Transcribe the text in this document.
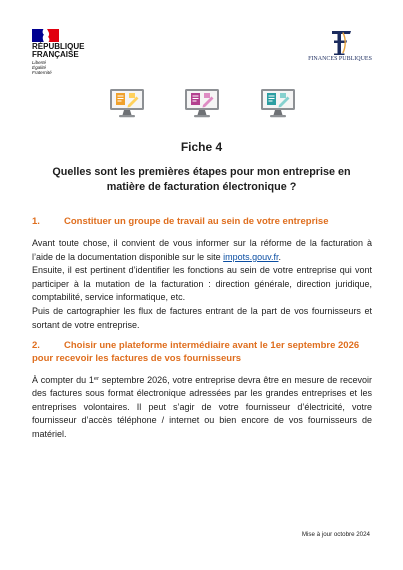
RÉPUBLIQUE
FRANÇAISE
Liberté
Égalité
Fraternité
FINANCES PUBLIQUES
Fiche 4
Quelles sont les premières étapes pour mon entreprise en
matière de facturation électronique ?
1.	Constituer un groupe de travail au sein de votre entreprise
Avant toute chose, il convient de vous informer sur la réforme de la facturation à l’aide de la documentation disponible sur le site impots.gouv.fr.
Ensuite, il est pertinent d’identifier les fonctions au sein de votre entreprise qui vont participer à la mutation de la facturation : direction générale, direction juridique, comptabilité, service informatique, etc.
Puis de cartographier les flux de factures entrant de la part de vos fournisseurs et sortant de votre entreprise.
2.	Choisir une plateforme intermédiaire avant le 1er septembre 2026 pour recevoir les factures de vos fournisseurs
À compter du 1er septembre 2026, votre entreprise devra être en mesure de recevoir des factures sous format électronique adressées par les grandes entreprises et les entreprises volontaires. Il peut s’agir de votre fournisseur d’électricité, votre fournisseur d’accès téléphone / internet ou bien encore de vos fournisseurs de matériel.
Mise à jour octobre 2024
